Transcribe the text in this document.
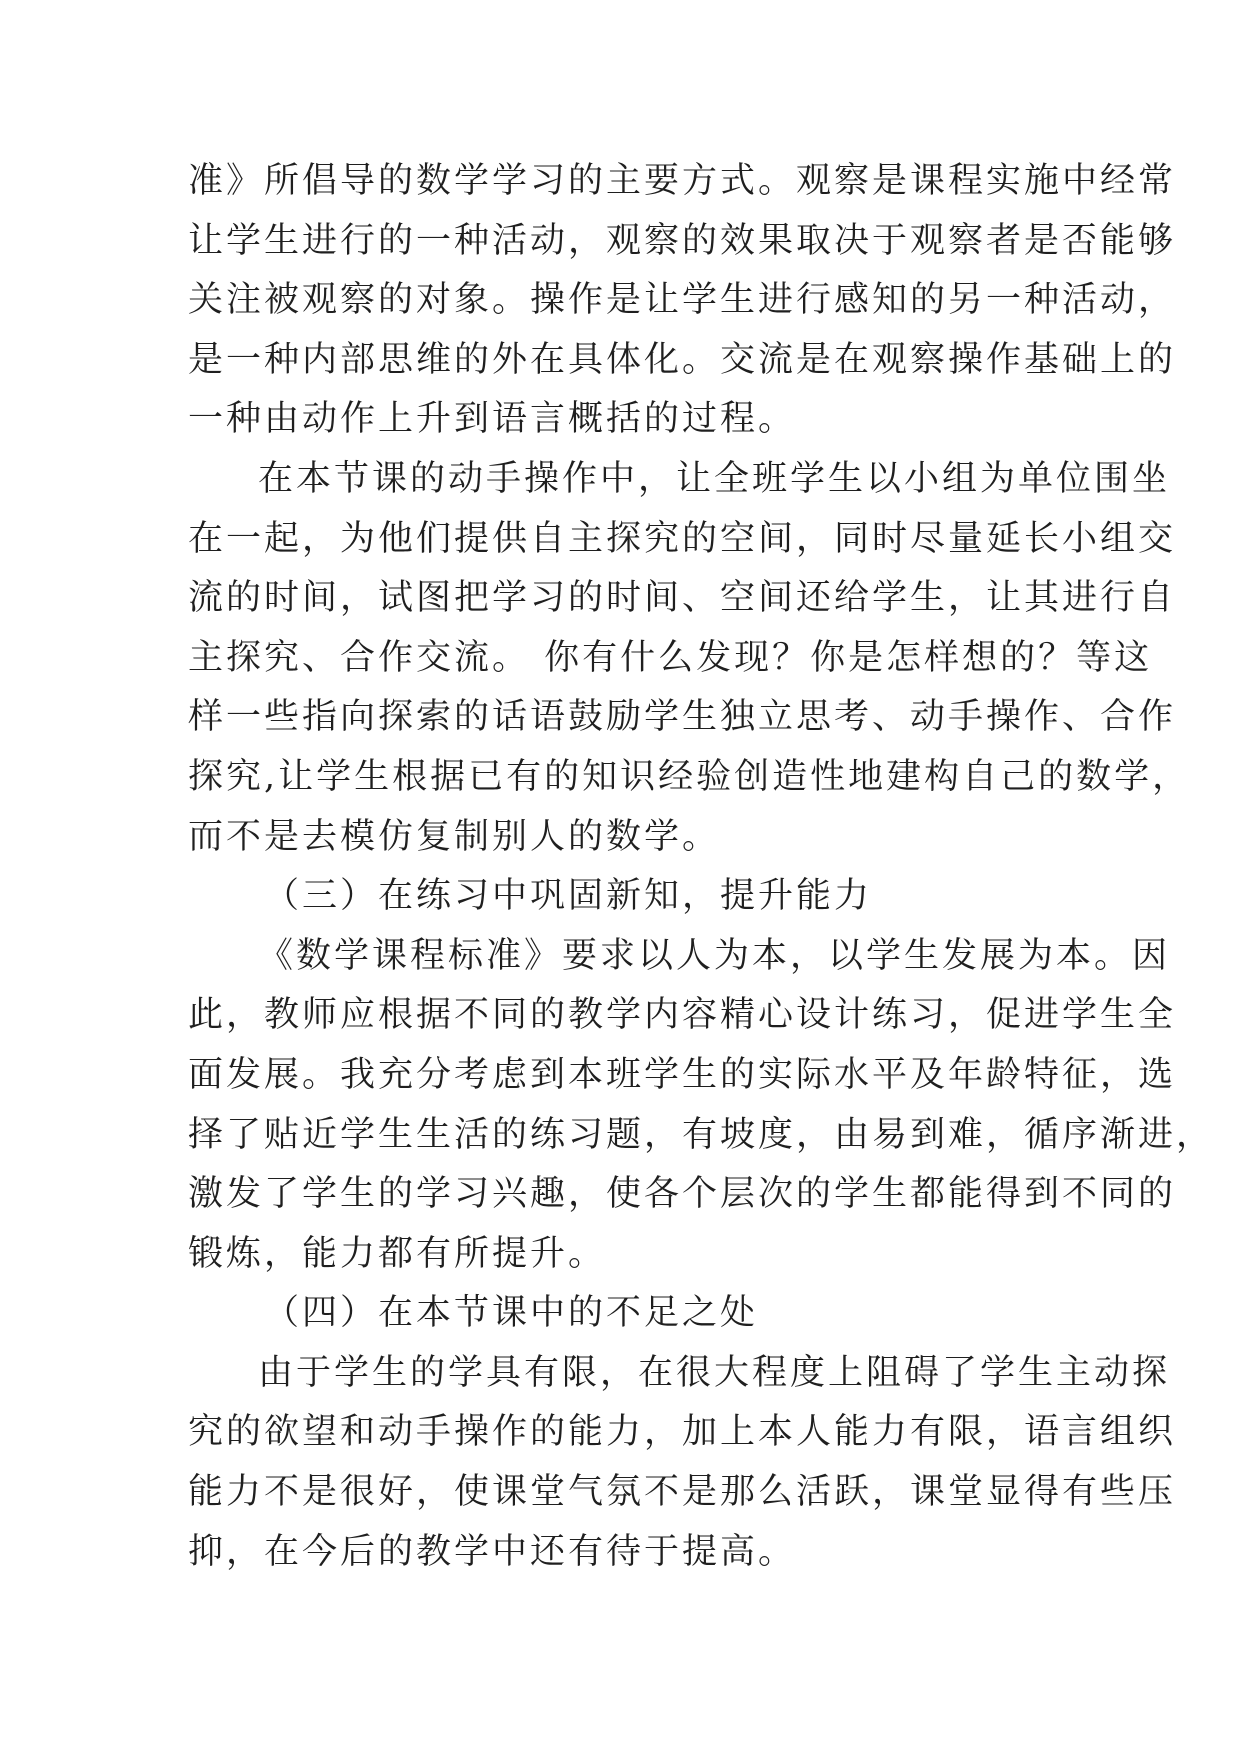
准》所倡导的数学学习的主要方式。观察是课程实施中经常
让学生进行的一种活动，观察的效果取决于观察者是否能够
关注被观察的对象。操作是让学生进行感知的另一种活动，
是一种内部思维的外在具体化。交流是在观察操作基础上的
一种由动作上升到语言概括的过程。
在本节课的动手操作中，让全班学生以小组为单位围坐
在一起，为他们提供自主探究的空间，同时尽量延长小组交
流的时间，试图把学习的时间、空间还给学生，让其进行自
主探究、合作交流。 你有什么发现？你是怎样想的？等这
样一些指向探索的话语鼓励学生独立思考、动手操作、合作
探究,让学生根据已有的知识经验创造性地建构自己的数学，
而不是去模仿复制别人的数学。
（三）在练习中巩固新知，提升能力
《数学课程标准》要求以人为本，以学生发展为本。因
此，教师应根据不同的教学内容精心设计练习，促进学生全
面发展。我充分考虑到本班学生的实际水平及年龄特征，选
择了贴近学生生活的练习题，有坡度，由易到难，循序渐进，
激发了学生的学习兴趣，使各个层次的学生都能得到不同的
锻炼，能力都有所提升。
（四）在本节课中的不足之处
由于学生的学具有限，在很大程度上阻碍了学生主动探
究的欲望和动手操作的能力，加上本人能力有限，语言组织
能力不是很好，使课堂气氛不是那么活跃，课堂显得有些压
抑，在今后的教学中还有待于提高。
